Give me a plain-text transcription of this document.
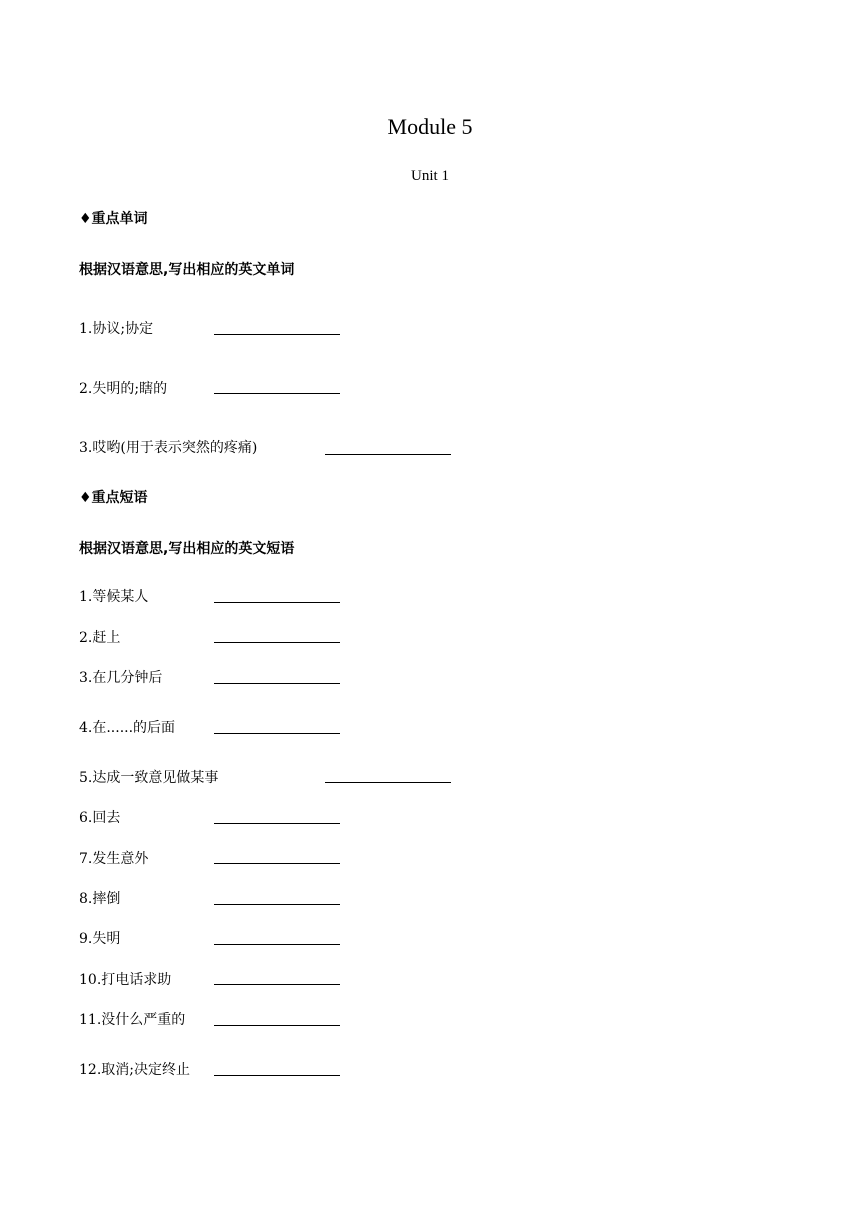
Module 5
Unit 1
♦重点单词
根据汉语意思,写出相应的英文单词
1.协议;协定
2.失明的;瞎的
3.哎哟(用于表示突然的疼痛)
♦重点短语
根据汉语意思,写出相应的英文短语
1.等候某人
2.赶上
3.在几分钟后
4.在......的后面
5.达成一致意见做某事
6.回去
7.发生意外
8.摔倒
9.失明
10.打电话求助
11.没什么严重的
12.取消;决定终止
